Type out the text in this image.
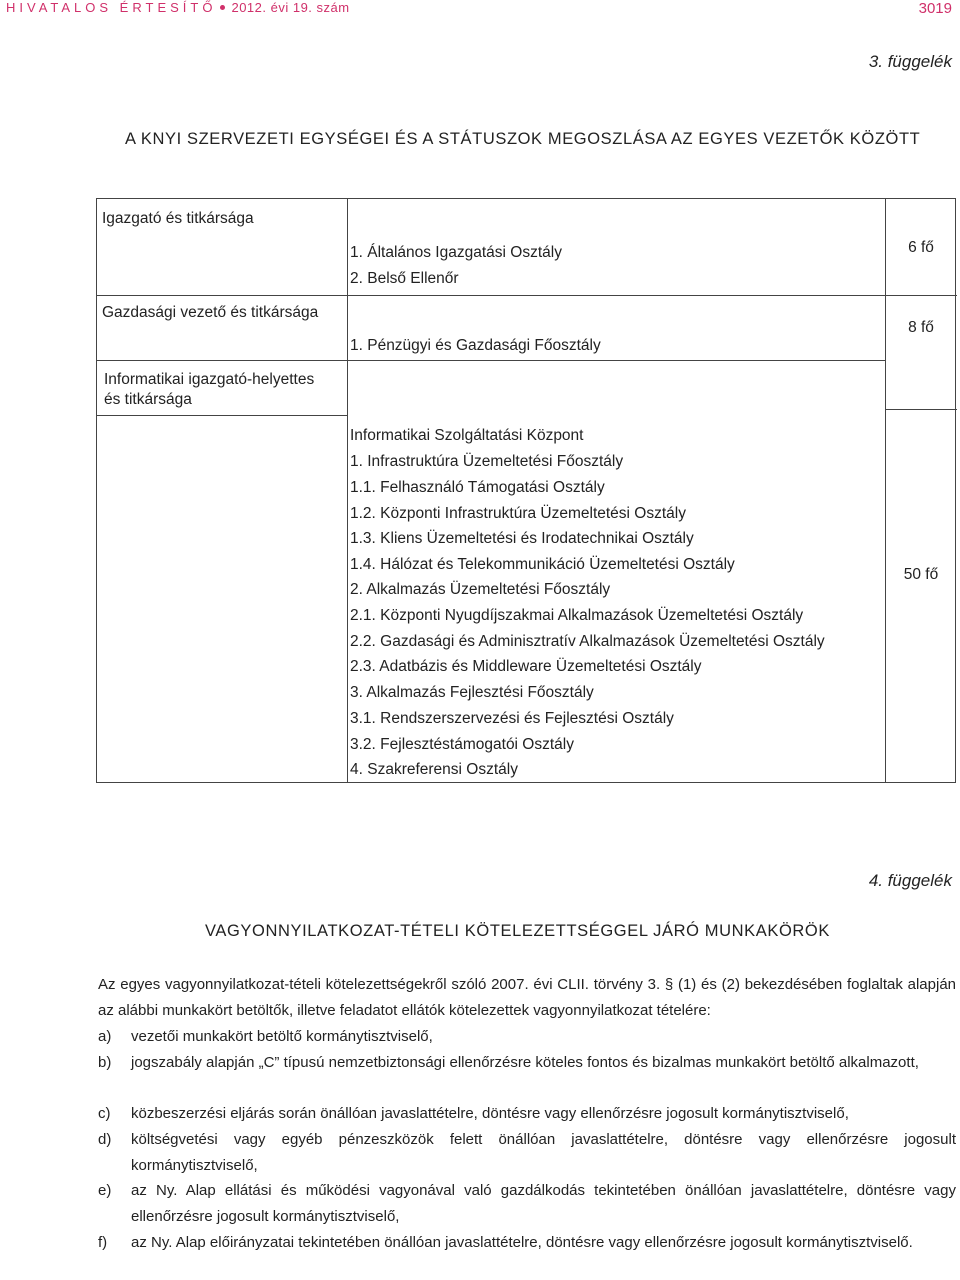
HIVATALOS ÉRTESÍTŐ 2012. évi 19. szám	3019
3. függelék
A KNYI SZERVEZETI EGYSÉGEI ÉS A STÁTUSZOK MEGOSZLÁSA AZ EGYES VEZETŐK KÖZÖTT
Igazgató és titkársága
Gazdasági vezető és titkársága
Informatikai igazgató-helyettes
és titkársága
1. Általános Igazgatási Osztály
2. Belső Ellenőr
1. Pénzügyi és Gazdasági Főosztály
Informatikai Szolgáltatási Központ
1. Infrastruktúra Üzemeltetési Főosztály
1.1. Felhasználó Támogatási Osztály
1.2. Központi Infrastruktúra Üzemeltetési Osztály
1.3. Kliens Üzemeltetési és Irodatechnikai Osztály
1.4. Hálózat és Telekommunikáció Üzemeltetési Osztály
2. Alkalmazás Üzemeltetési Főosztály
2.1. Központi Nyugdíjszakmai Alkalmazások Üzemeltetési Osztály
2.2. Gazdasági és Adminisztratív Alkalmazások Üzemeltetési Osztály
2.3. Adatbázis és Middleware Üzemeltetési Osztály
3. Alkalmazás Fejlesztési Főosztály
3.1. Rendszerszervezési és Fejlesztési Osztály
3.2. Fejlesztéstámogatói Osztály
4. Szakreferensi Osztály
6 fő
8 fő
50 fő
4. függelék
VAGYONNYILATKOZAT-TÉTELI KÖTELEZETTSÉGGEL JÁRÓ MUNKAKÖRÖK
Az egyes vagyonnyilatkozat-tételi kötelezettségekről szóló 2007. évi CLII. törvény 3. § (1) és (2) bekezdésében foglaltak alapján az alábbi munkakört betöltők, illetve feladatot ellátók kötelezettek vagyonnyilatkozat tételére:
a) vezetői munkakört betöltő kormánytisztviselő,
b) jogszabály alapján „C” típusú nemzetbiztonsági ellenőrzésre köteles fontos és bizalmas munkakört betöltő alkalmazott,
c) közbeszerzési eljárás során önállóan javaslattételre, döntésre vagy ellenőrzésre jogosult kormánytisztviselő,
d) költségvetési vagy egyéb pénzeszközök felett önállóan javaslattételre, döntésre vagy ellenőrzésre jogosult kormánytisztviselő,
e) az Ny. Alap ellátási és működési vagyonával való gazdálkodás tekintetében önállóan javaslattételre, döntésre vagy ellenőrzésre jogosult kormánytisztviselő,
f) az Ny. Alap előirányzatai tekintetében önállóan javaslattételre, döntésre vagy ellenőrzésre jogosult kormánytisztviselő.
